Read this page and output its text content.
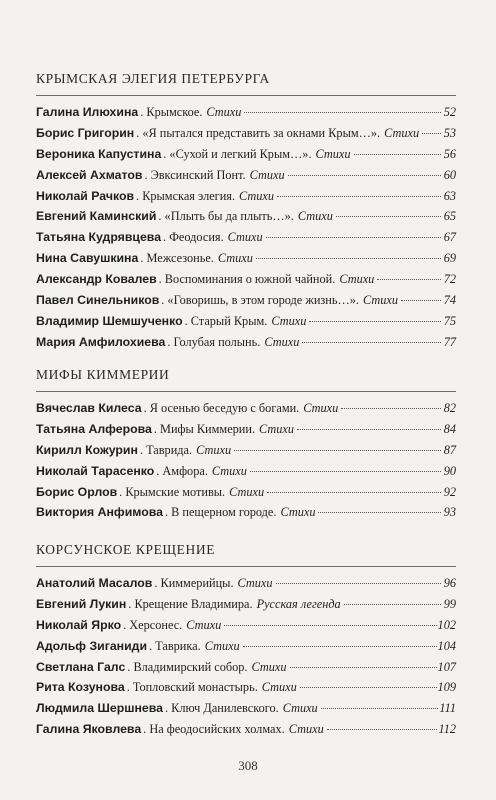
КРЫМСКАЯ ЭЛЕГИЯ ПЕТЕРБУРГА
Галина Илюхина . Крымское. Стихи	52
Борис Григорин . «Я пытался представить за окнами Крым…». Стихи 53
Вероника Капустина . «Сухой и легкий Крым…». Стихи	56
Алексей Ахматов . Эвксинский Понт. Стихи	60
Николай Рачков . Крымская элегия. Стихи	63
Евгений Каминский . «Плыть бы да плыть…». Стихи	65
Татьяна Кудрявцева . Феодосия. Стихи	67
Нина Савушкина . Межсезонье. Стихи	69
Александр Ковалев . Воспоминания о южной чайной. Стихи	72
Павел Синельников . «Говоришь, в этом городе жизнь…». Стихи	74
Владимир Шемшученко . Старый Крым. Стихи	75
Мария Амфилохиева . Голубая полынь. Стихи	77
МИФЫ КИММЕРИИ
Вячеслав Килеса . Я осенью беседую с богами. Стихи	82
Татьяна Алферова . Мифы Киммерии. Стихи	84
Кирилл Кожурин . Таврида. Стихи	87
Николай Тарасенко . Амфора. Стихи	90
Борис Орлов . Крымские мотивы. Стихи	92
Виктория Анфимова . В пещерном городе. Стихи	93
КОРСУНСКОЕ КРЕЩЕНИЕ
Анатолий Масалов . Киммерийцы. Стихи	96
Евгений Лукин . Крещение Владимира. Русская легенда	99
Николай Ярко . Херсонес. Стихи	102
Адольф Зиганиди . Таврика. Стихи	104
Светлана Галс . Владимирский собор. Стихи	107
Рита Козунова . Топловский монастырь. Стихи	109
Людмила Шершнева . Ключ Данилевского. Стихи	111
Галина Яковлева . На феодосийских холмах. Стихи	112
308
